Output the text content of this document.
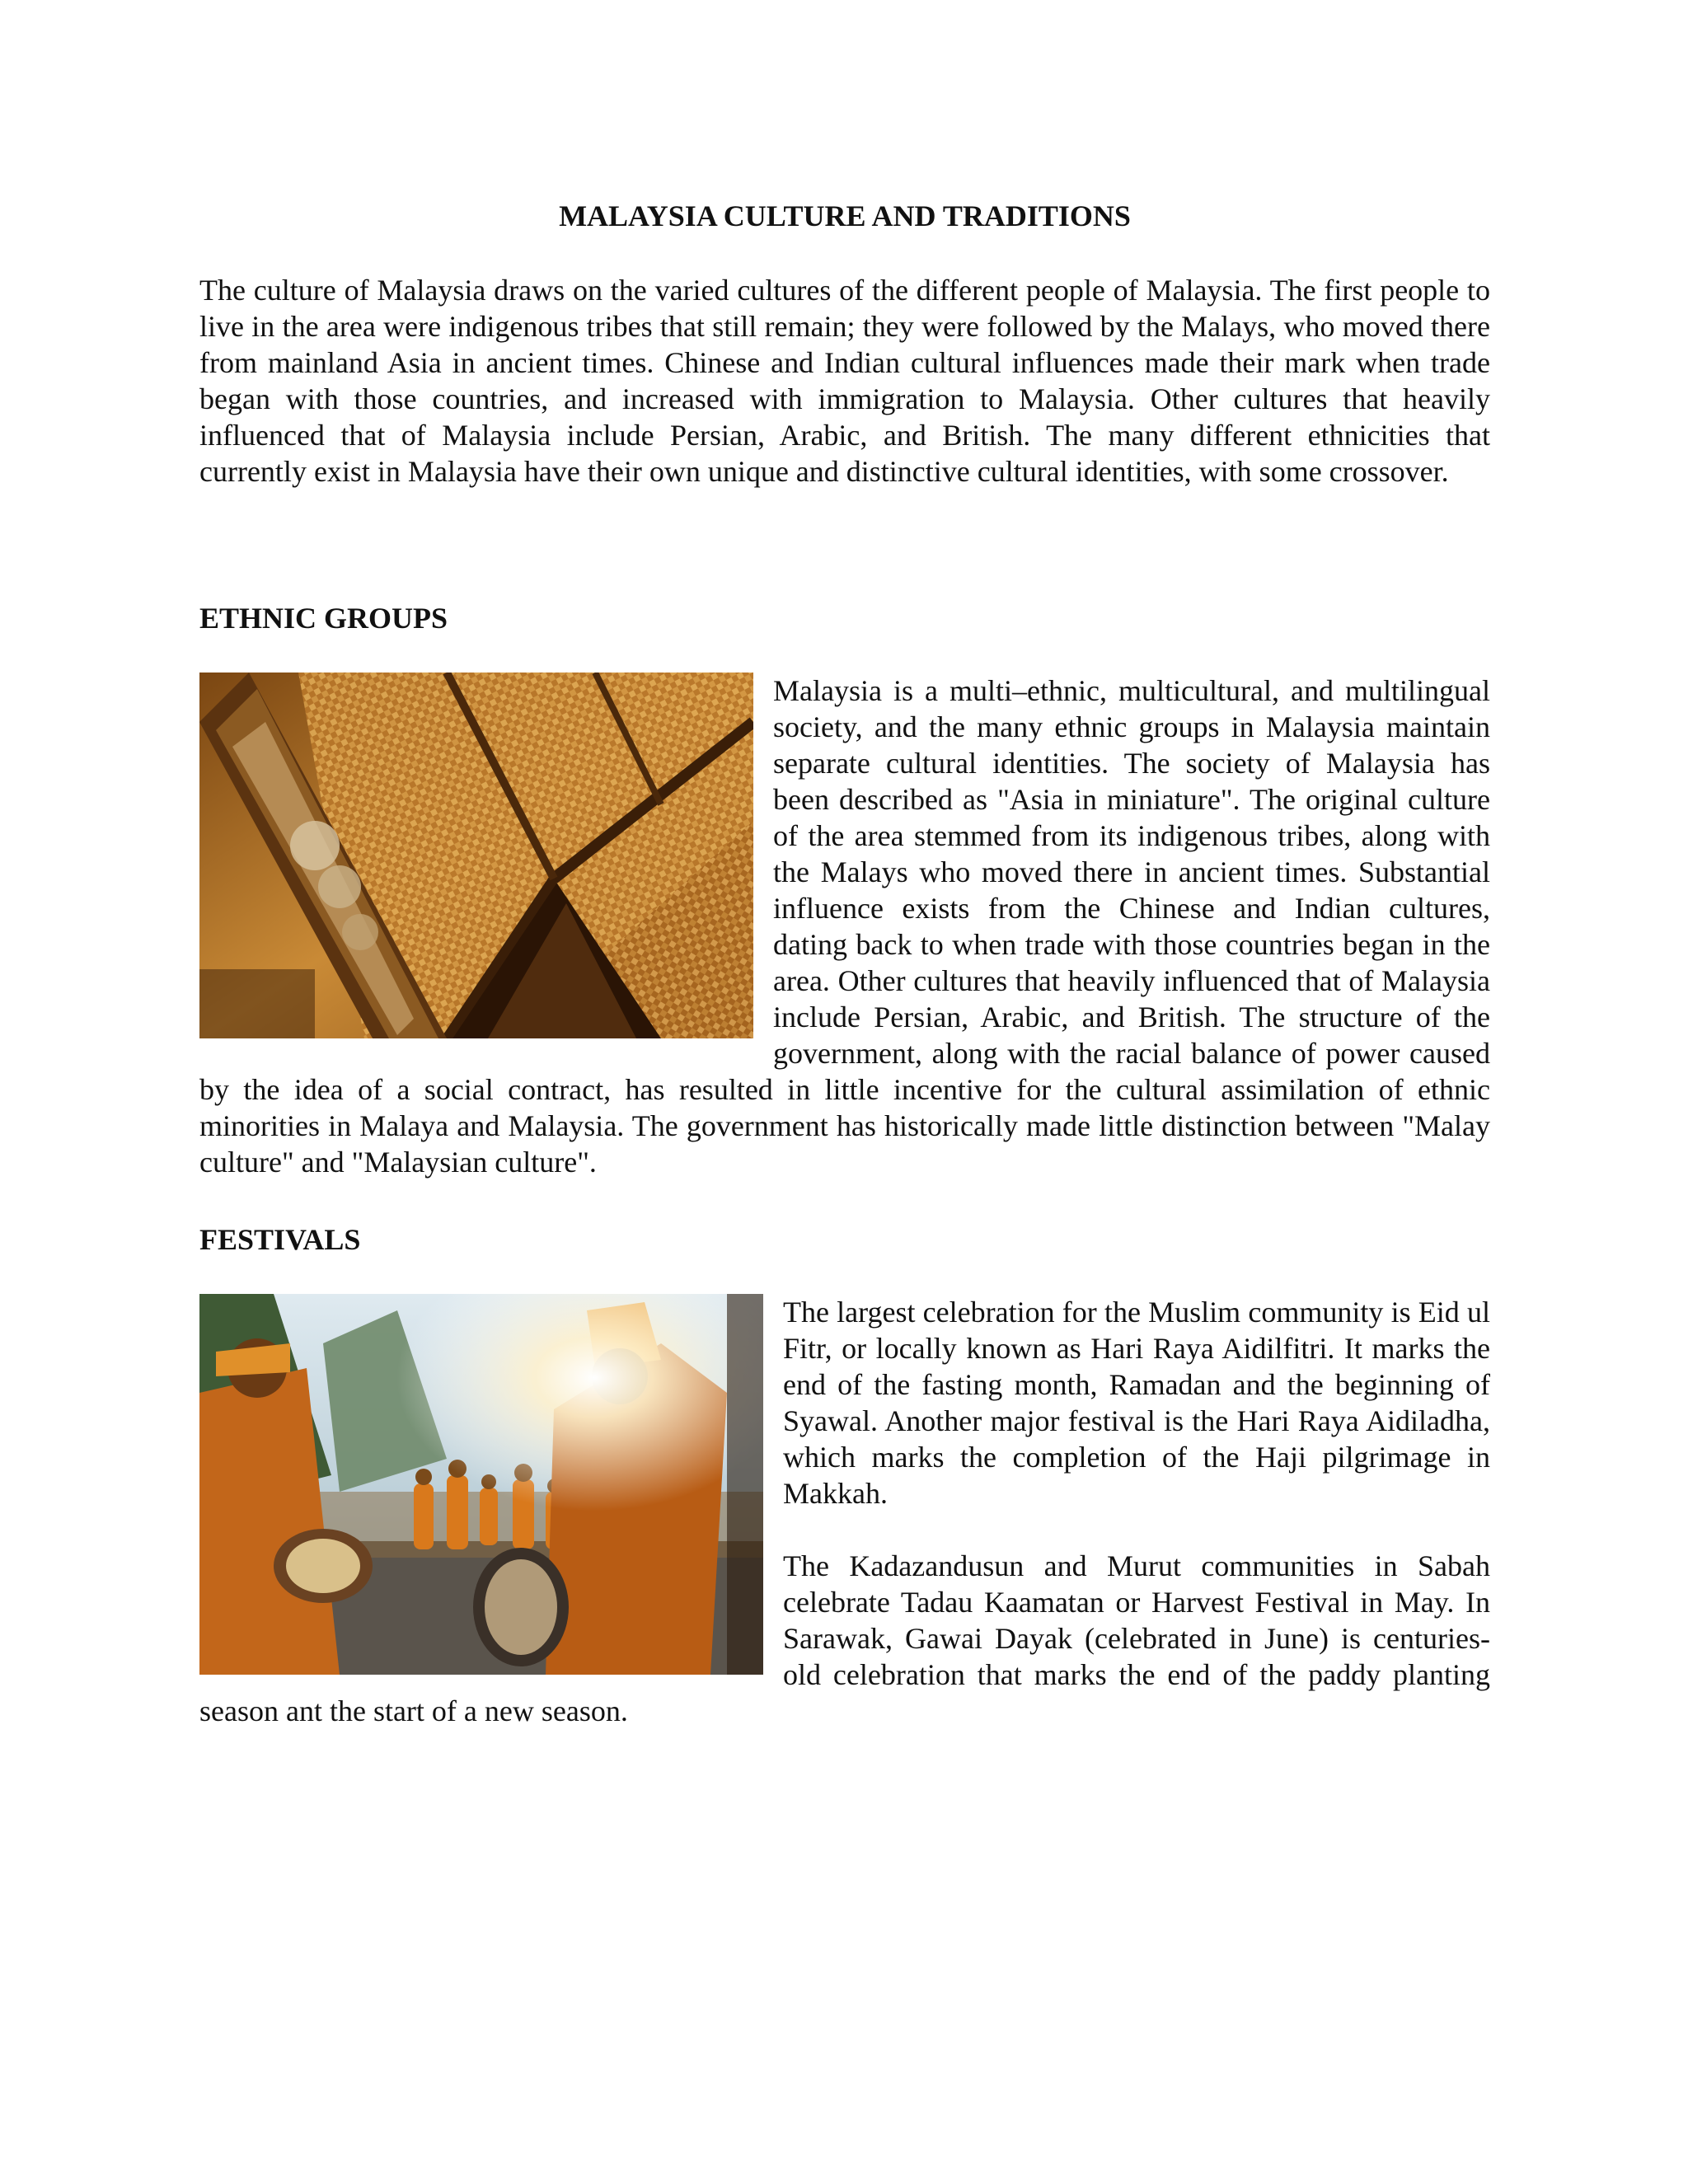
MALAYSIA CULTURE AND TRADITIONS

The culture of Malaysia draws on the varied cultures of the different people of Malaysia. The first people to live in the area were indigenous tribes that still remain; they were followed by the Malays, who moved there from mainland Asia in ancient times. Chinese and Indian cultural influences made their mark when trade began with those countries, and increased with immigration to Malaysia. Other cultures that heavily influenced that of Malaysia include Persian, Arabic, and British. The many different ethnicities that currently exist in Malaysia have their own unique and distinctive cultural identities, with some crossover.

ETHNIC GROUPS

Malaysia is a multi–ethnic, multicultural, and multilingual society, and the many ethnic groups in Malaysia maintain separate cultural identities. The society of Malaysia has been described as "Asia in miniature". The original culture of the area stemmed from its indigenous tribes, along with the Malays who moved there in ancient times. Substantial influence exists from the Chinese and Indian cultures, dating back to when trade with those countries began in the area. Other cultures that heavily influenced that of Malaysia include Persian, Arabic, and British. The structure of the government, along with the racial balance of power caused by the idea of a social contract, has resulted in little incentive for the cultural assimilation of ethnic minorities in Malaya and Malaysia. The government has historically made little distinction between "Malay culture" and "Malaysian culture".

FESTIVALS

The largest celebration for the Muslim community is Eid ul Fitr, or locally known as Hari Raya Aidilfitri. It marks the end of the fasting month, Ramadan and the beginning of Syawal. Another major festival is the Hari Raya Aidiladha, which marks the completion of the Haji pilgrimage in Makkah.

The Kadazandusun and Murut communities in Sabah celebrate Tadau Kaamatan or Harvest Festival in May. In Sarawak, Gawai Dayak (celebrated in June) is centuries-old celebration that marks the end of the paddy planting season ant the start of a new season.
